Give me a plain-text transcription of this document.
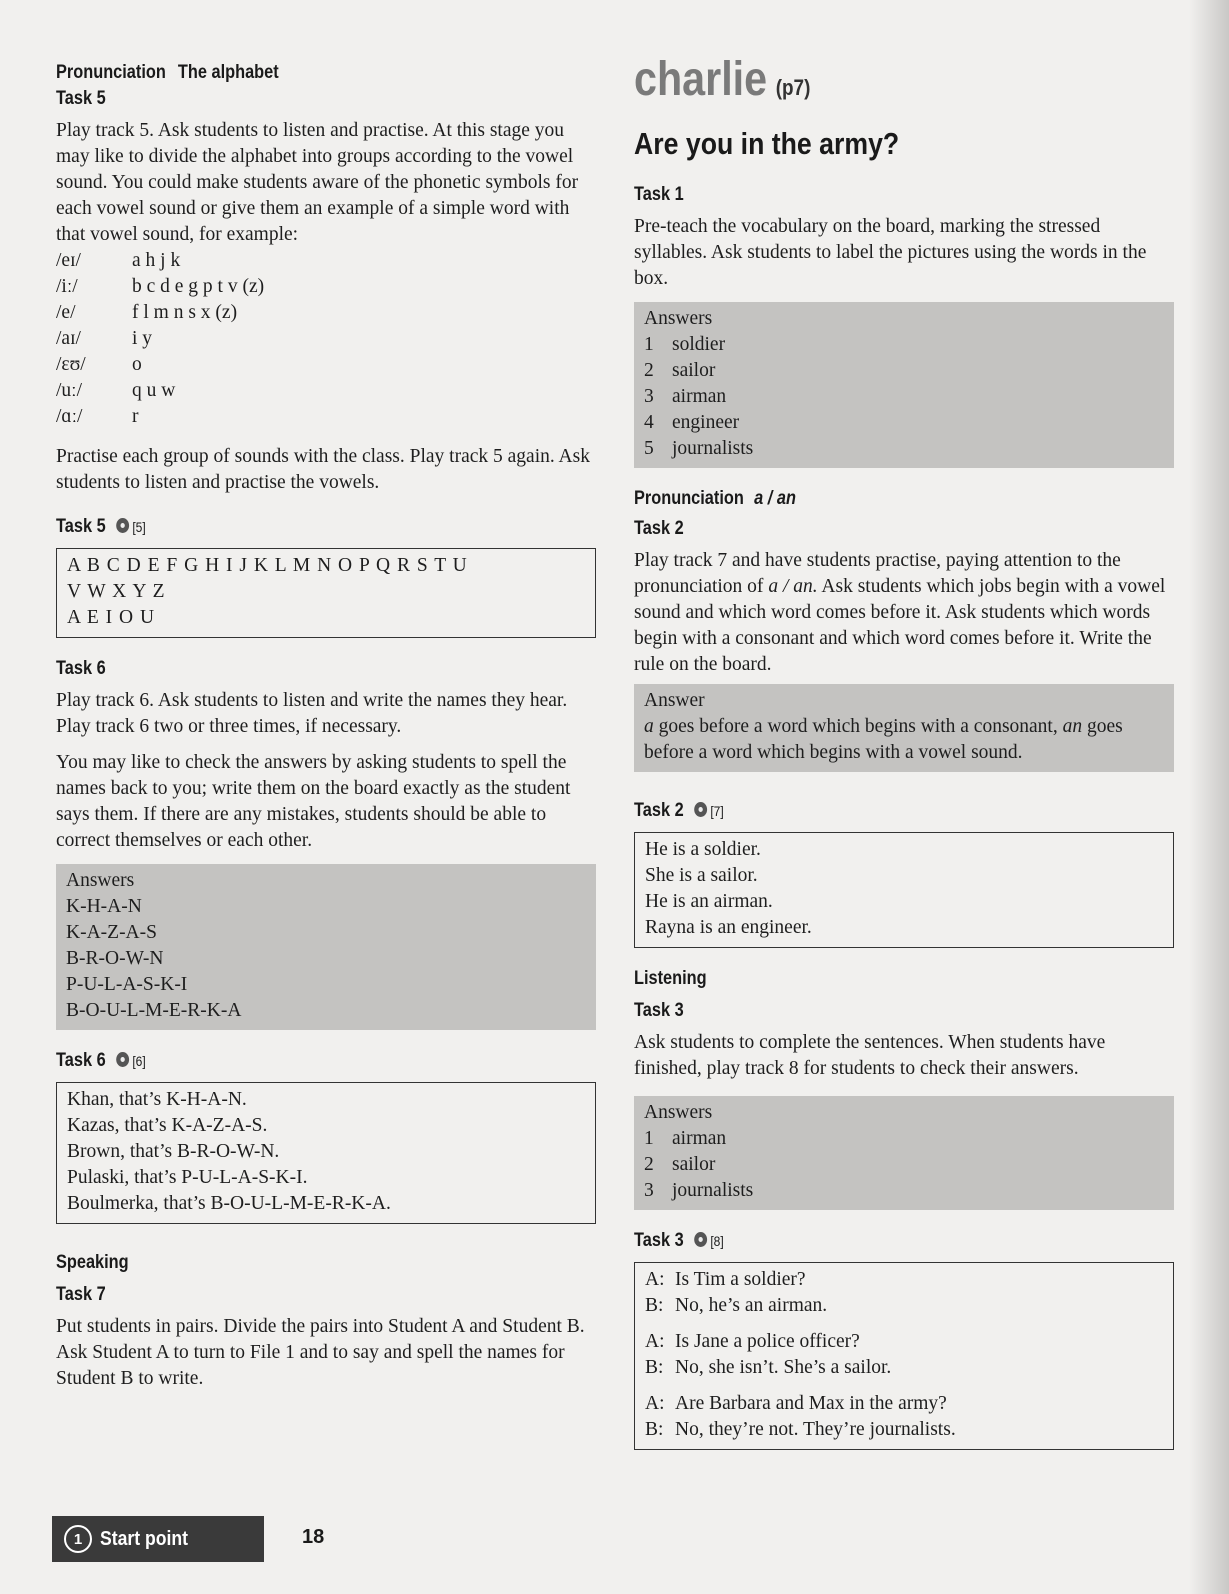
Pronunciation The alphabet
Task 5

Play track 5. Ask students to listen and practise. At this stage you may like to divide the alphabet into groups according to the vowel sound. You could make students aware of the phonetic symbols for each vowel sound or give them an example of a simple word with that vowel sound, for example:

/eɪ/	a h j k
/iː/	b c d e g p t v (z)
/e/	f l m n s x (z)
/aɪ/	i y
/ɛʊ/	o
/uː/	q u w
/ɑː/	r

Practise each group of sounds with the class. Play track 5 again. Ask students to listen and practise the vowels.

Task 5 [5]
A B C D E F G H I J K L M N O P Q R S T U
V W X Y Z
A E I O U
Task 6

Play track 6. Ask students to listen and write the names they hear. Play track 6 two or three times, if necessary.

You may like to check the answers by asking students to spell the names back to you; write them on the board exactly as the student says them. If there are any mistakes, students should be able to correct themselves or each other.

Answers
K-H-A-N
K-A-Z-A-S
B-R-O-W-N
P-U-L-A-S-K-I
B-O-U-L-M-E-R-K-A
Task 6 [6]
Khan, that’s K-H-A-N.
Kazas, that’s K-A-Z-A-S.
Brown, that’s B-R-O-W-N.
Pulaski, that’s P-U-L-A-S-K-I.
Boulmerka, that’s B-O-U-L-M-E-R-K-A.
Speaking
Task 7

Put students in pairs. Divide the pairs into Student A and Student B. Ask Student A to turn to File 1 and to say and spell the names for Student B to write.

charlie (p7)
Are you in the army?
Task 1

Pre-teach the vocabulary on the board, marking the stressed syllables. Ask students to label the pictures using the words in the box.

Answers
1 soldier
2 sailor
3 airman
4 engineer
5 journalists
Pronunciation a / an
Task 2

Play track 7 and have students practise, paying attention to the pronunciation of a / an. Ask students which jobs begin with a vowel sound and which word comes before it. Ask students which words begin with a consonant and which word comes before it. Write the rule on the board.

Answer
a goes before a word which begins with a consonant, an goes before a word which begins with a vowel sound.
Task 2 [7]
He is a soldier.
She is a sailor.
He is an airman.
Rayna is an engineer.
Listening
Task 3

Ask students to complete the sentences. When students have finished, play track 8 for students to check their answers.

Answers
1 airman
2 sailor
3 journalists
Task 3 [8]
A: Is Tim a soldier?
B: No, he’s an airman.
A: Is Jane a police officer?
B: No, she isn’t. She’s a sailor.
A: Are Barbara and Max in the army?
B: No, they’re not. They’re journalists.
1 Start point	18
